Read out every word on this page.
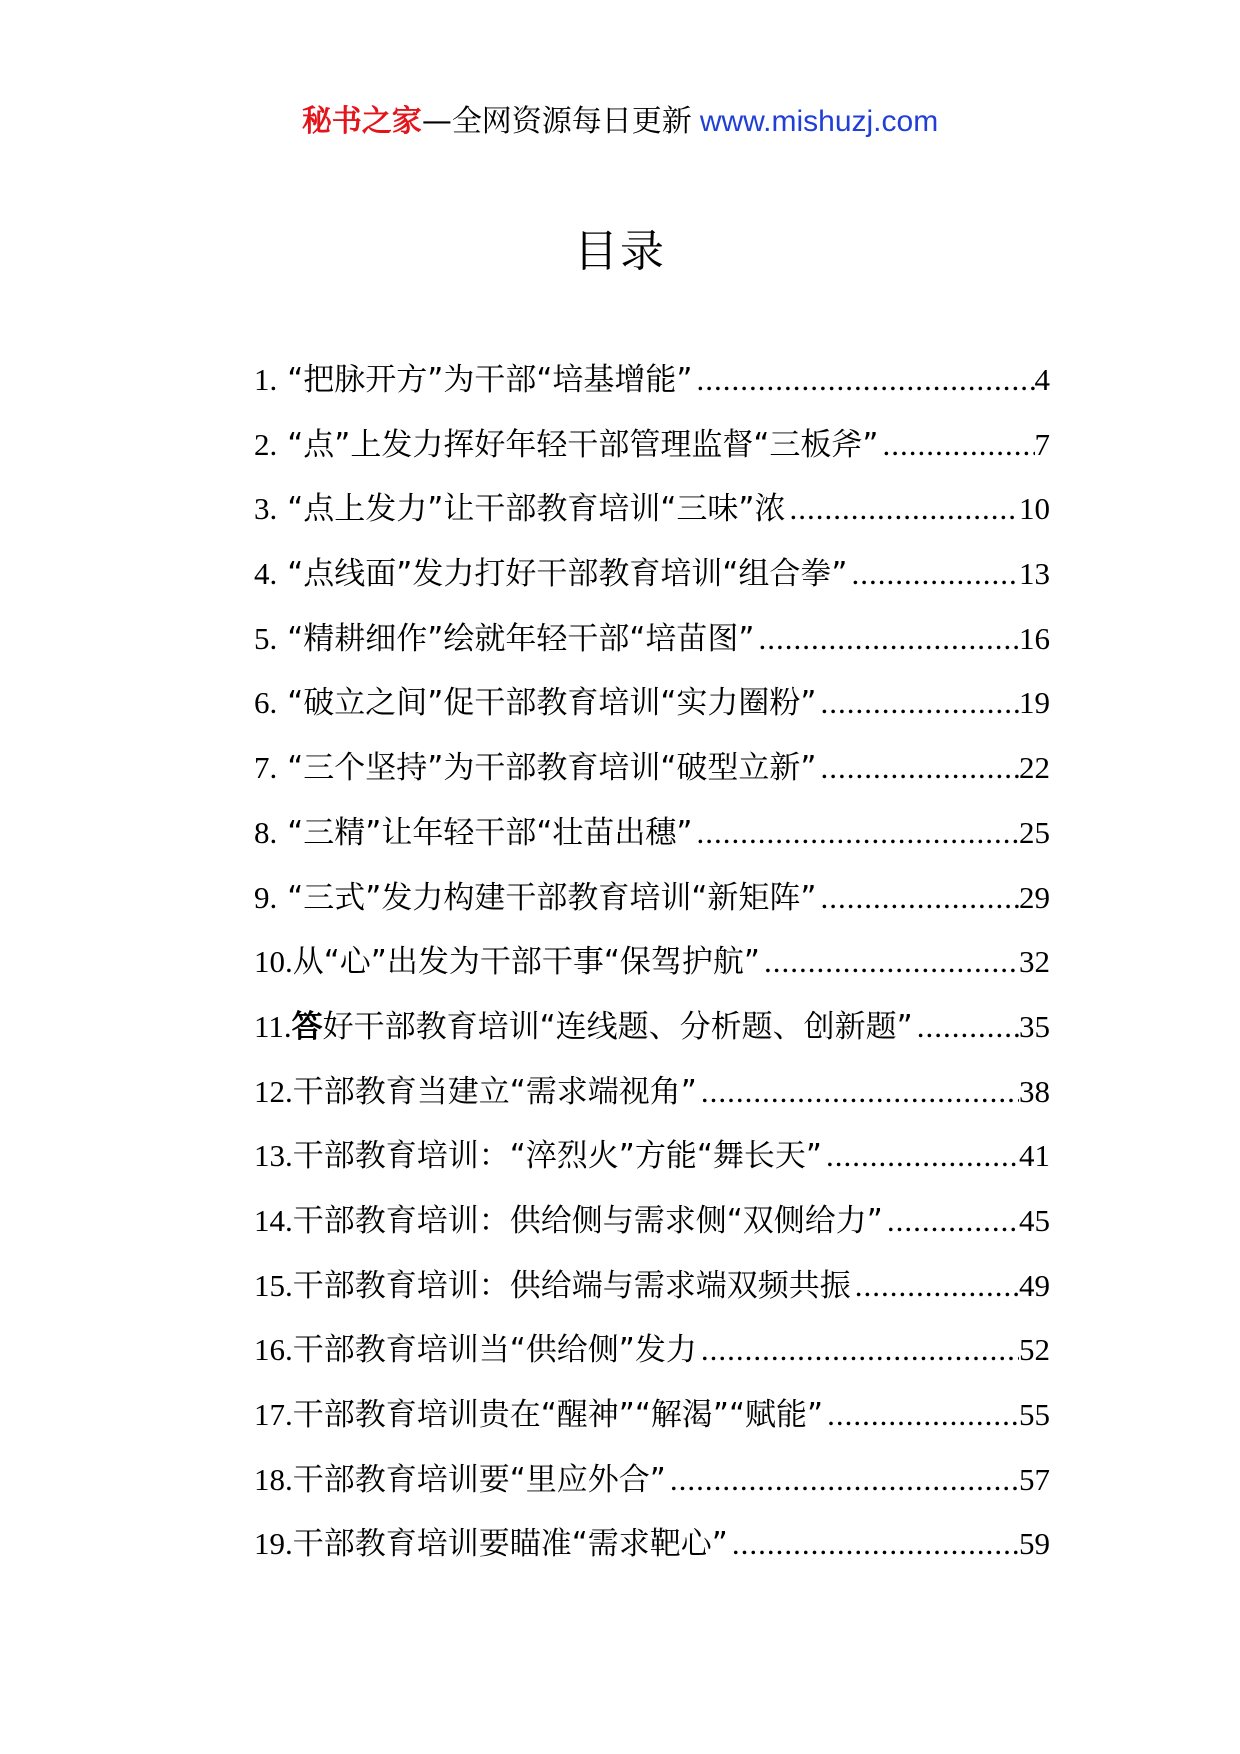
秘书之家—全网资源每日更新 www.mishuzj.com
目录
1. “把脉开方”为干部“培基增能” .....	4
2. “点”上发力挥好年轻干部管理监督“三板斧” .....	7
3. “点上发力”让干部教育培训“三味”浓 .....	10
4. “点线面”发力打好干部教育培训“组合拳” .....	13
5. “精耕细作”绘就年轻干部“培苗图” .....	16
6. “破立之间”促干部教育培训“实力圈粉” .....	19
7. “三个坚持”为干部教育培训“破型立新” .....	22
8. “三精”让年轻干部“壮苗出穗” .....	25
9. “三式”发力构建干部教育培训“新矩阵” .....	29
10. 从“心”出发为干部干事“保驾护航” .....	32
11. 答好干部教育培训“连线题、分析题、创新题” .....	35
12. 干部教育当建立“需求端视角” .....	38
13. 干部教育培训：“淬烈火”方能“舞长天” .....	41
14. 干部教育培训：供给侧与需求侧“双侧给力” .....	45
15. 干部教育培训：供给端与需求端双频共振 .....	49
16. 干部教育培训当“供给侧”发力 .....	52
17. 干部教育培训贵在“醒神”“解渴”“赋能” .....	55
18. 干部教育培训要“里应外合” .....	57
19. 干部教育培训要瞄准“需求靶心” .....	59
